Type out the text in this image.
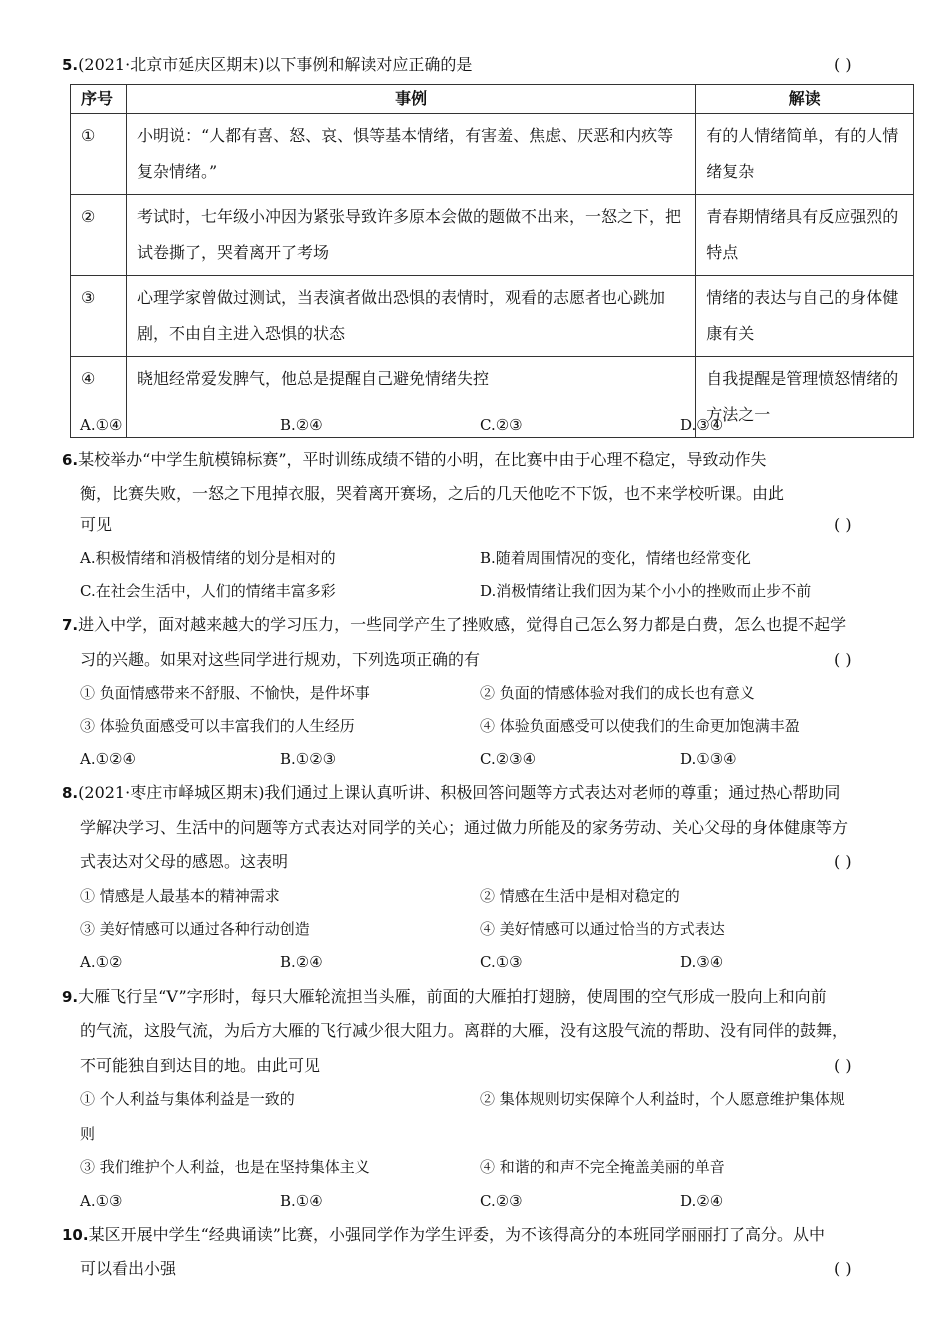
5.(2021·北京市延庆区期末)以下事例和解读对应正确的是	( )
序号	事例	解读
①	小明说：“人都有喜、怒、哀、惧等基本情绪，有害羞、焦虑、厌恶和内疚等复杂情绪。”	有的人情绪简单，有的人情绪复杂
②	考试时，七年级小冲因为紧张导致许多原本会做的题做不出来，一怒之下，把试卷撕了，哭着离开了考场	青春期情绪具有反应强烈的特点
③	心理学家曾做过测试，当表演者做出恐惧的表情时，观看的志愿者也心跳加剧，不由自主进入恐惧的状态	情绪的表达与自己的身体健康有关
④	晓旭经常爱发脾气，他总是提醒自己避免情绪失控	自我提醒是管理愤怒情绪的方法之一
A.①④	B.②④	C.②③	D.③④
6.某校举办“中学生航模锦标赛”，平时训练成绩不错的小明，在比赛中由于心理不稳定，导致动作失
衡，比赛失败，一怒之下甩掉衣服，哭着离开赛场，之后的几天他吃不下饭，也不来学校听课。由此
可见	( )
A.积极情绪和消极情绪的划分是相对的	B.随着周围情况的变化，情绪也经常变化
C.在社会生活中，人们的情绪丰富多彩	D.消极情绪让我们因为某个小小的挫败而止步不前
7.进入中学，面对越来越大的学习压力，一些同学产生了挫败感，觉得自己怎么努力都是白费，怎么也提不起学
习的兴趣。如果对这些同学进行规劝，下列选项正确的有	( )
① 负面情感带来不舒服、不愉快，是件坏事	② 负面的情感体验对我们的成长也有意义
③ 体验负面感受可以丰富我们的人生经历	④ 体验负面感受可以使我们的生命更加饱满丰盈
A.①②④	B.①②③	C.②③④	D.①③④
8.(2021·枣庄市峄城区期末)我们通过上课认真听讲、积极回答问题等方式表达对老师的尊重；通过热心帮助同
学解决学习、生活中的问题等方式表达对同学的关心；通过做力所能及的家务劳动、关心父母的身体健康等方
式表达对父母的感恩。这表明	( )
① 情感是人最基本的精神需求	② 情感在生活中是相对稳定的
③ 美好情感可以通过各种行动创造	④ 美好情感可以通过恰当的方式表达
A.①②	B.②④	C.①③	D.③④
9.大雁飞行呈“V”字形时，每只大雁轮流担当头雁，前面的大雁拍打翅膀，使周围的空气形成一股向上和向前
的气流，这股气流，为后方大雁的飞行减少很大阻力。离群的大雁，没有这股气流的帮助、没有同伴的鼓舞，
不可能独自到达目的地。由此可见	( )
① 个人利益与集体利益是一致的	② 集体规则切实保障个人利益时，个人愿意维护集体规
则
③ 我们维护个人利益，也是在坚持集体主义	④ 和谐的和声不完全掩盖美丽的单音
A.①③	B.①④	C.②③	D.②④
10.某区开展中学生“经典诵读”比赛，小强同学作为学生评委，为不该得高分的本班同学丽丽打了高分。从中
可以看出小强	( )
